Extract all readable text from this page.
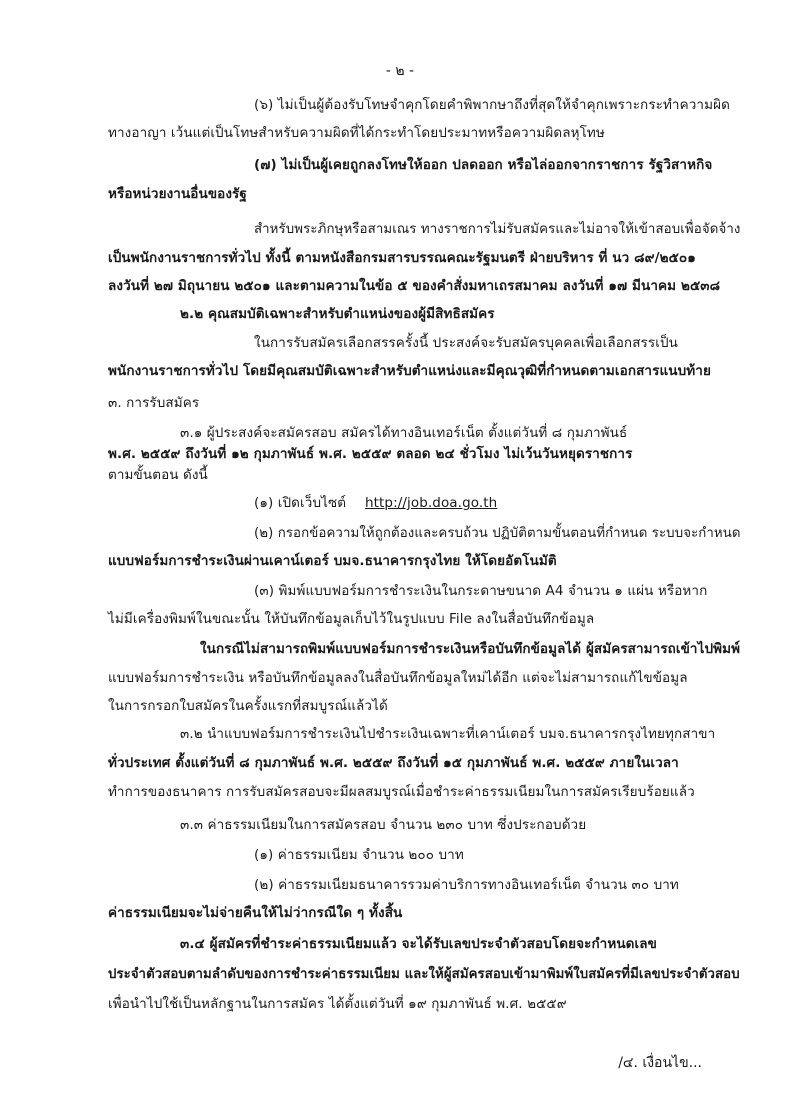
- ๒ -
(๖) ไม่เป็นผู้ต้องรับโทษจำคุกโดยคำพิพากษาถึงที่สุดให้จำคุกเพราะกระทำความผิด
ทางอาญา เว้นแต่เป็นโทษสำหรับความผิดที่ได้กระทำโดยประมาทหรือความผิดลหุโทษ
(๗) ไม่เป็นผู้เคยถูกลงโทษให้ออก ปลดออก หรือไล่ออกจากราชการ รัฐวิสาหกิจ
หรือหน่วยงานอื่นของรัฐ
สำหรับพระภิกษุหรือสามเณร ทางราชการไม่รับสมัครและไม่อาจให้เข้าสอบเพื่อจัดจ้าง
เป็นพนักงานราชการทั่วไป ทั้งนี้ ตามหนังสือกรมสารบรรณคณะรัฐมนตรี ฝ่ายบริหาร ที่ นว ๘๙/๒๕๐๑
ลงวันที่ ๒๗ มิถุนายน ๒๕๐๑ และตามความในข้อ ๕ ของคำสั่งมหาเถรสมาคม ลงวันที่ ๑๗ มีนาคม ๒๕๓๘
๒.๒ คุณสมบัติเฉพาะสำหรับตำแหน่งของผู้มีสิทธิสมัคร
ในการรับสมัครเลือกสรรครั้งนี้ ประสงค์จะรับสมัครบุคคลเพื่อเลือกสรรเป็น
พนักงานราชการทั่วไป โดยมีคุณสมบัติเฉพาะสำหรับตำแหน่งและมีคุณวุฒิที่กำหนดตามเอกสารแนบท้าย
๓. การรับสมัคร
๓.๑ ผู้ประสงค์จะสมัครสอบ สมัครได้ทางอินเทอร์เน็ต ตั้งแต่วันที่ ๘ กุมภาพันธ์
พ.ศ. ๒๕๕๙ ถึงวันที่ ๑๒ กุมภาพันธ์ พ.ศ. ๒๕๕๙ ตลอด ๒๔ ชั่วโมง ไม่เว้นวันหยุดราชการ
ตามขั้นตอน ดังนี้
(๑) เปิดเว็บไซต์ http://job.doa.go.th
(๒) กรอกข้อความให้ถูกต้องและครบถ้วน ปฏิบัติตามขั้นตอนที่กำหนด ระบบจะกำหนด
แบบฟอร์มการชำระเงินผ่านเคาน์เตอร์ บมจ.ธนาคารกรุงไทย ให้โดยอัตโนมัติ
(๓) พิมพ์แบบฟอร์มการชำระเงินในกระดาษขนาด A4 จำนวน ๑ แผ่น หรือหาก
ไม่มีเครื่องพิมพ์ในขณะนั้น ให้บันทึกข้อมูลเก็บไว้ในรูปแบบ File ลงในสื่อบันทึกข้อมูล
ในกรณีไม่สามารถพิมพ์แบบฟอร์มการชำระเงินหรือบันทึกข้อมูลได้ ผู้สมัครสามารถเข้าไปพิมพ์
แบบฟอร์มการชำระเงิน หรือบันทึกข้อมูลลงในสื่อบันทึกข้อมูลใหม่ได้อีก แต่จะไม่สามารถแก้ไขข้อมูล
ในการกรอกใบสมัครในครั้งแรกที่สมบูรณ์แล้วได้
๓.๒ นำแบบฟอร์มการชำระเงินไปชำระเงินเฉพาะที่เคาน์เตอร์ บมจ.ธนาคารกรุงไทยทุกสาขา
ทั่วประเทศ ตั้งแต่วันที่ ๘ กุมภาพันธ์ พ.ศ. ๒๕๕๙ ถึงวันที่ ๑๕ กุมภาพันธ์ พ.ศ. ๒๕๕๙ ภายในเวลา
ทำการของธนาคาร การรับสมัครสอบจะมีผลสมบูรณ์เมื่อชำระค่าธรรมเนียมในการสมัครเรียบร้อยแล้ว
๓.๓ ค่าธรรมเนียมในการสมัครสอบ จำนวน ๒๓๐ บาท ซึ่งประกอบด้วย
(๑) ค่าธรรมเนียม จำนวน ๒๐๐ บาท
(๒) ค่าธรรมเนียมธนาคารรวมค่าบริการทางอินเทอร์เน็ต จำนวน ๓๐ บาท
ค่าธรรมเนียมจะไม่จ่ายคืนให้ไม่ว่ากรณีใด ๆ ทั้งสิ้น
๓.๔ ผู้สมัครที่ชำระค่าธรรมเนียมแล้ว จะได้รับเลขประจำตัวสอบโดยจะกำหนดเลข
ประจำตัวสอบตามลำดับของการชำระค่าธรรมเนียม และให้ผู้สมัครสอบเข้ามาพิมพ์ใบสมัครที่มีเลขประจำตัวสอบ
เพื่อนำไปใช้เป็นหลักฐานในการสมัคร ได้ตั้งแต่วันที่ ๑๙ กุมภาพันธ์ พ.ศ. ๒๕๕๙
/๔. เงื่อนไข...
